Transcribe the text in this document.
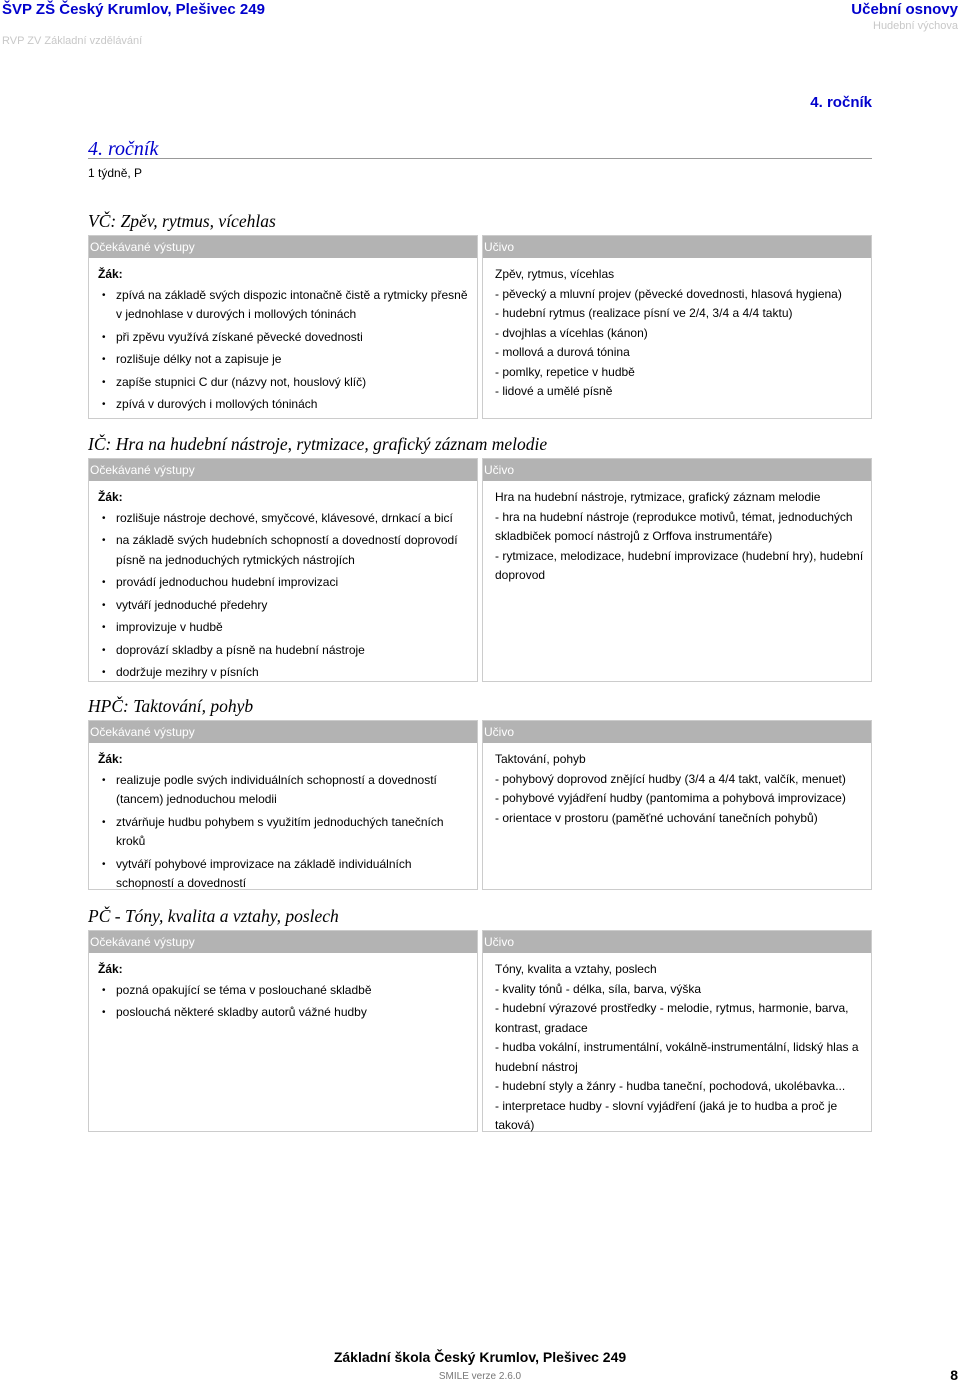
ŠVP ZŠ Český Krumlov, Plešivec 249
RVP ZV Základní vzdělávání
Učební osnovy
Hudební výchova
4. ročník
4. ročník
1 týdně, P
VČ: Zpěv, rytmus, vícehlas
Očekávané výstupy
Žák:
• zpívá na základě svých dispozic intonačně čistě a rytmicky přesně v jednohlase v durových i mollových tóninách
• při zpěvu využívá získané pěvecké dovednosti
• rozlišuje délky not a zapisuje je
• zapíše stupnici C dur (názvy not, houslový klíč)
• zpívá v durových i mollových tóninách
Učivo
Zpěv, rytmus, vícehlas
- pěvecký a mluvní projev (pěvecké dovednosti, hlasová hygiena)
- hudební rytmus (realizace písní ve 2/4, 3/4 a 4/4 taktu)
- dvojhlas a vícehlas (kánon)
- mollová a durová tónina
- pomlky, repetice v hudbě
- lidové a umělé písně
IČ: Hra na hudební nástroje, rytmizace, grafický záznam melodie
Očekávané výstupy
Žák:
• rozlišuje nástroje dechové, smyčcové, klávesové, drnkací a bicí
• na základě svých hudebních schopností a dovedností doprovodí písně na jednoduchých rytmických nástrojích
• provádí jednoduchou hudební improvizaci
• vytváří jednoduché předehry
• improvizuje v hudbě
• doprovází skladby a písně na hudební nástroje
• dodržuje mezihry v písních
Učivo
Hra na hudební nástroje, rytmizace, grafický záznam melodie
- hra na hudební nástroje (reprodukce motivů, témat, jednoduchých skladbiček pomocí nástrojů z Orffova instrumentáře)
- rytmizace, melodizace, hudební improvizace (hudební hry), hudební doprovod
HPČ: Taktování, pohyb
Očekávané výstupy
Žák:
• realizuje podle svých individuálních schopností a dovedností (tancem) jednoduchou melodii
• ztvárňuje hudbu pohybem s využitím jednoduchých tanečních kroků
• vytváří pohybové improvizace na základě individuálních schopností a dovedností
Učivo
Taktování, pohyb
- pohybový doprovod znějící hudby (3/4 a 4/4 takt, valčík, menuet)
- pohybové vyjádření hudby (pantomima a pohybová improvizace)
- orientace v prostoru (paměťné uchování tanečních pohybů)
PČ - Tóny, kvalita a vztahy, poslech
Očekávané výstupy
Žák:
• pozná opakující se téma v poslouchané skladbě
• poslouchá některé skladby autorů vážné hudby
Učivo
Tóny, kvalita a vztahy, poslech
- kvality tónů - délka, síla, barva, výška
- hudební výrazové prostředky - melodie, rytmus, harmonie, barva, kontrast, gradace
- hudba vokální, instrumentální, vokálně-instrumentální, lidský hlas a hudební nástroj
- hudební styly a žánry - hudba taneční, pochodová, ukolébavka...
- interpretace hudby - slovní vyjádření (jaká je to hudba a proč je taková)
Základní škola Český Krumlov, Plešivec 249
SMILE verze 2.6.0	8
